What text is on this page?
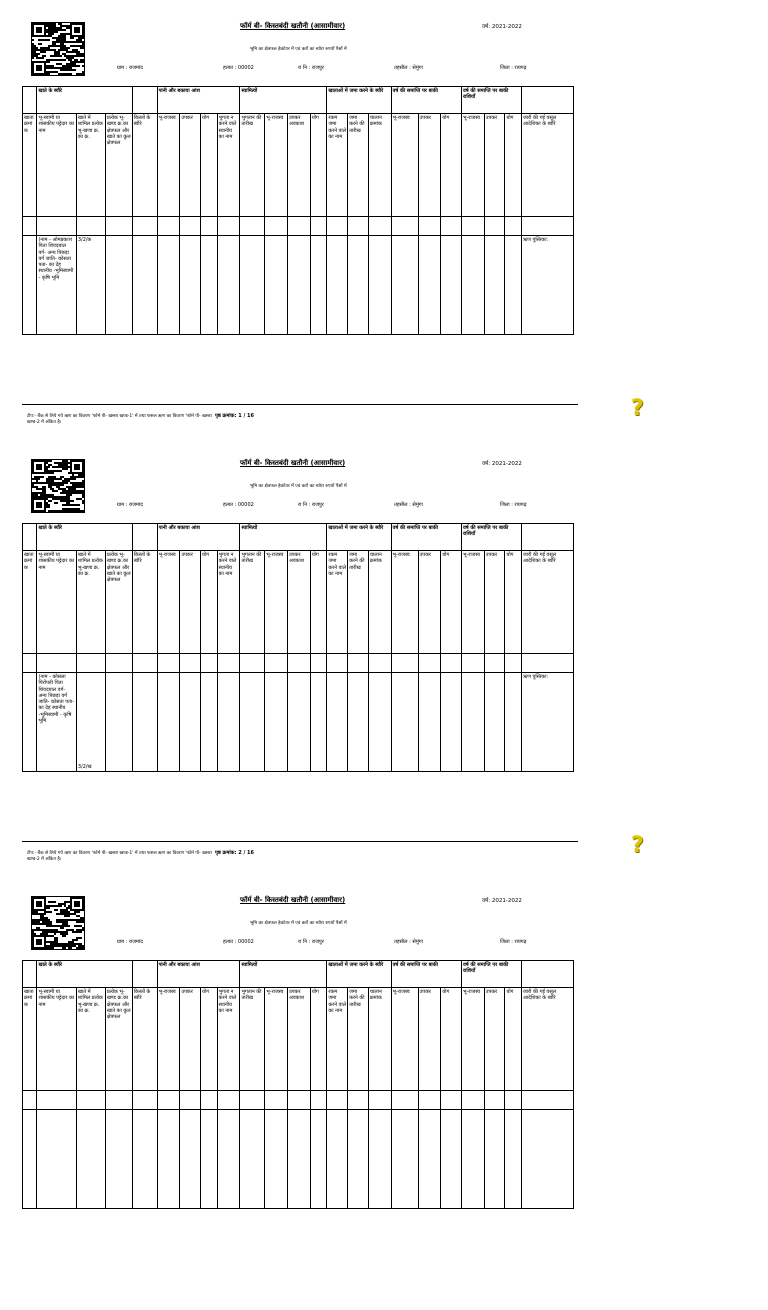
फॉर्म बी- किस्तबंदी खतौनी (आसामीवार)	वर्ष: 2021-2022
भूमि का क्षेत्रफल हेक्टेयर में एवं करों का ब्योरा रुपयों पैसों में
ग्राम : राजमांद	हल्का : 00002	रा नि : राजपुर	तहसील : सेमुंगा	जिला : रायगढ़
	खाते के ब्यौरे				पानी और बकाया आंश				स्वामित्वों				खाताओं में जमा करने के ब्यौरे			वर्ष की समाप्ति पर बाकी			वर्ष की समाप्ति पर बाकी राशियाँ			
खाता क्रमां क	भू-स्वामी या शासकीय पट्टेदार का नाम	खाते में शामिल प्रत्येक भू-खण्ड क्र. का क्र.	प्रत्येक भू-खण्ड क्र.का क्षेत्रफल और खाते का कुल क्षेत्रफल	किस्तों के ब्यौरे	भू-राजस्व	उपकर	योग	भुगता न करने वाले स्थानीय का नाम	भुगतान की तारीख	भू-राजस्व	उपकर अवकाश	योग	रकम जमा करने वाले का नाम	जमा करने की तारीख	चालान क्रमांक	भू-राजस्व	उपकर	योग	भू-राजस्व	उपकर	योग	जारी की गई वसूल आदेशिका के ब्यौरे

	(नाम - ओमप्रकाश पिता शिवदयाल वर्ग- अन्य पिछड़ा वर्ग जाति- कोसता पता- का देह स्थानीय -भूमिस्वामी - कृषि भूमि	3/2/क																				ऋण पुस्तिका:
टीप:- बैंक से लिये गये ऋण का विवरण 'फॉर्म पी- खसरा खण्ड-1' में तथा फसल ऋण का विवरण 'फॉर्म पी- खसरा खण्ड-2 में अंकित है।
पृष्ठ क्रमांक: 1 / 16	?
फॉर्म बी- किस्तबंदी खतौनी (आसामीवार)	वर्ष: 2021-2022
भूमि का क्षेत्रफल हेक्टेयर में एवं करों का ब्योरा रुपयों पैसों में
ग्राम : राजमांद	हल्का : 00002	रा नि : राजपुर	तहसील : सेमुंगा	जिला : रायगढ़
	खाते के ब्यौरे				पानी और बकाया आंश				स्वामित्वों				खाताओं में जमा करने के ब्यौरे			वर्ष की समाप्ति पर बाकी			वर्ष की समाप्ति पर बाकी राशियाँ			
खाता क्रमां क	भू-स्वामी या शासकीय पट्टेदार का नाम	खाते में शामिल प्रत्येक भू-खण्ड क्र. का क्र.	प्रत्येक भू-खण्ड क्र.का क्षेत्रफल और खाते का कुल क्षेत्रफल	किस्तों के ब्यौरे	भू-राजस्व	उपकर	योग	भुगता न करने वाले स्थानीय का नाम	भुगतान की तारीख	भू-राजस्व	उपकर अवकाश	योग	रकम जमा करने वाले का नाम	जमा करने की तारीख	चालान क्रमांक	भू-राजस्व	उपकर	योग	भू-राजस्व	उपकर	योग	जारी की गई वसूल आदेशिका के ब्यौरे

	(नाम - कोसला पिरोंपती पिता शिवदयाल वर्ग- अन्य पिछड़ा वर्ग जाति- कोसता पता- का देह स्थानीय -भूमिस्वामी - कृषि भूमि	3/2/ख																				ऋण पुस्तिका:
टीप:- बैंक से लिये गये ऋण का विवरण 'फॉर्म पी- खसरा खण्ड-1' में तथा फसल ऋण का विवरण 'फॉर्म पी- खसरा खण्ड-2 में अंकित है।
पृष्ठ क्रमांक: 2 / 16	?
फॉर्म बी- किस्तबंदी खतौनी (आसामीवार)	वर्ष: 2021-2022
भूमि का क्षेत्रफल हेक्टेयर में एवं करों का ब्योरा रुपयों पैसों में
ग्राम : राजमांद	हल्का : 00002	रा नि : राजपुर	तहसील : सेमुंगा	जिला : रायगढ़
	खाते के ब्यौरे				पानी और बकाया आंश				स्वामित्वों				खाताओं में जमा करने के ब्यौरे			वर्ष की समाप्ति पर बाकी			वर्ष की समाप्ति पर बाकी राशियाँ			
खाता क्रमां क	भू-स्वामी या शासकीय पट्टेदार का नाम	खाते में शामिल प्रत्येक भू-खण्ड क्र. का क्र.	प्रत्येक भू-खण्ड क्र.का क्षेत्रफल और खाते का कुल क्षेत्रफल	किस्तों के ब्यौरे	भू-राजस्व	उपकर	योग	भुगता न करने वाले स्थानीय का नाम	भुगतान की तारीख	भू-राजस्व	उपकर अवकाश	योग	रकम जमा करने वाले का नाम	जमा करने की तारीख	चालान क्रमांक	भू-राजस्व	उपकर	योग	भू-राजस्व	उपकर	योग	जारी की गई वसूल आदेशिका के ब्यौरे
